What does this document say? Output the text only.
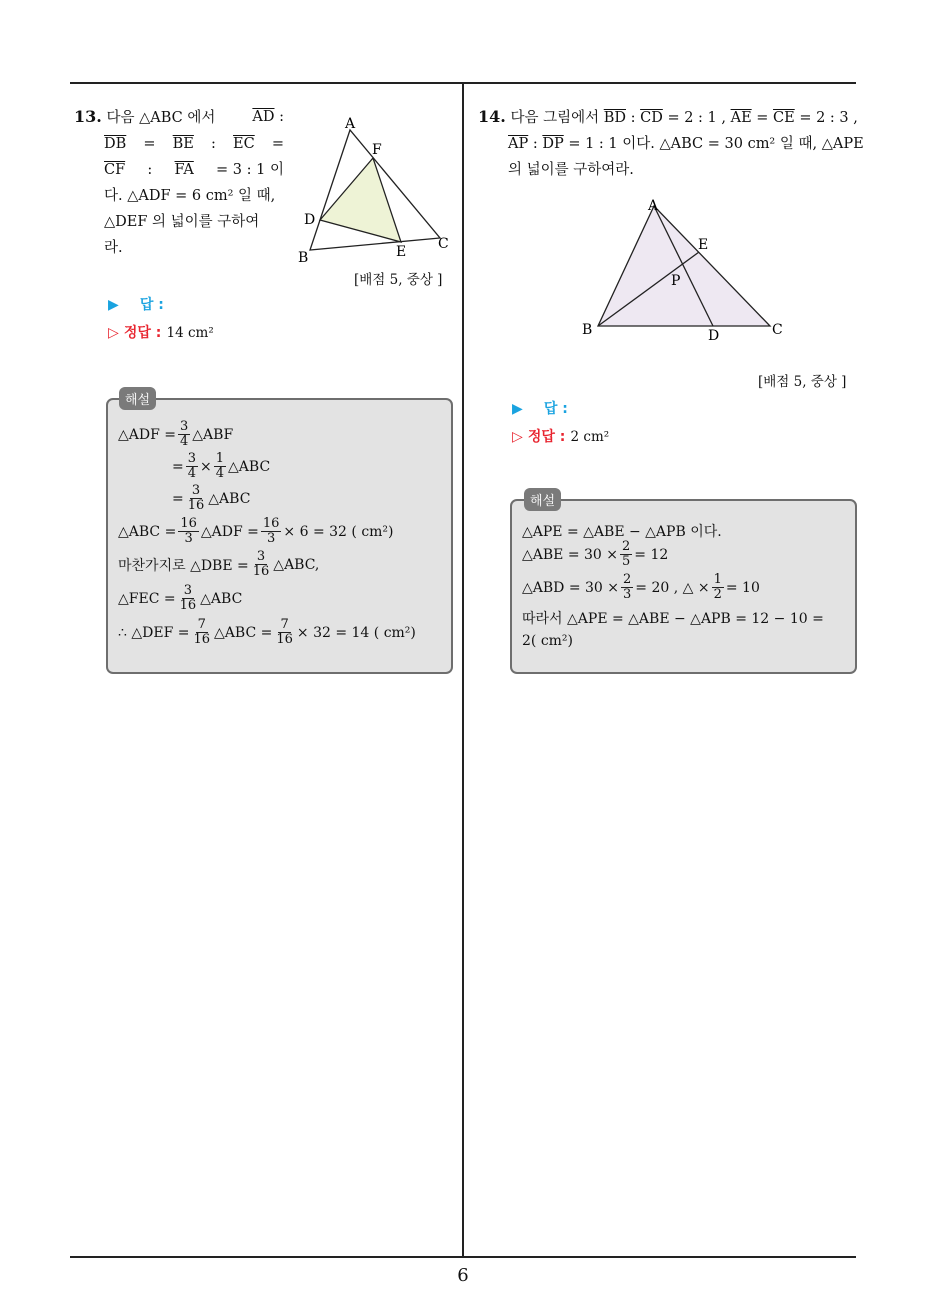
6
13. 다음 △ABC 에서	$\overline{AD}$ :
$\overline{DB} = \overline{BE}$ : $\overline{EC}$ =
$\overline{CF}$ : $\overline{FA} = 3$ : 1 이
다. △ADF = 6 cm² 일 때,
△DEF 의 넓이를 구하여
라.
A
B
C
D
E
F
[배점 5, 중상 ]
▶ 답 :
▷ 정답 : 14 cm²
해설
△ADF = $\frac{3}{4}$ △ABF
= $\frac{3}{4} \times \frac{1}{4}$ △ABC
= $\frac{3}{16}$ △ABC
△ABC = $\frac{16}{3}$ △ADF = $\frac{16}{3} \times 6 = 32$ ( cm²)
마찬가지로 △DBE = $\frac{3}{16}$ △ABC,
△FEC = $\frac{3}{16}$ △ABC
∴ △DEF = $\frac{7}{16}$ △ABC = $\frac{7}{16} \times 32 = 14$ ( cm²)
14. 다음 그림에서 $\overline{BD}$ : $\overline{CD} = 2$ : 1 , $\overline{AE} = \overline{CE} = 2$ : 3 ,
$\overline{AP}$ : $\overline{DP} = 1$ : 1 이다. △ABC = 30 cm² 일 때, △APE
의 넓이를 구하여라.
A
B	C
D
E
P
[배점 5, 중상 ]
▶ 답 :
▷ 정답 : 2 cm²
해설
△APE = △ABE − △APB 이다.
△ABE = $30 \times \frac{2}{5} = 12$
△ABD = $30 \times \frac{2}{3} = 20$ , △ × $\frac{1}{2} = 10$
따라서 △APE = △ABE − △APB = 12 − 10 =
2( cm²)
